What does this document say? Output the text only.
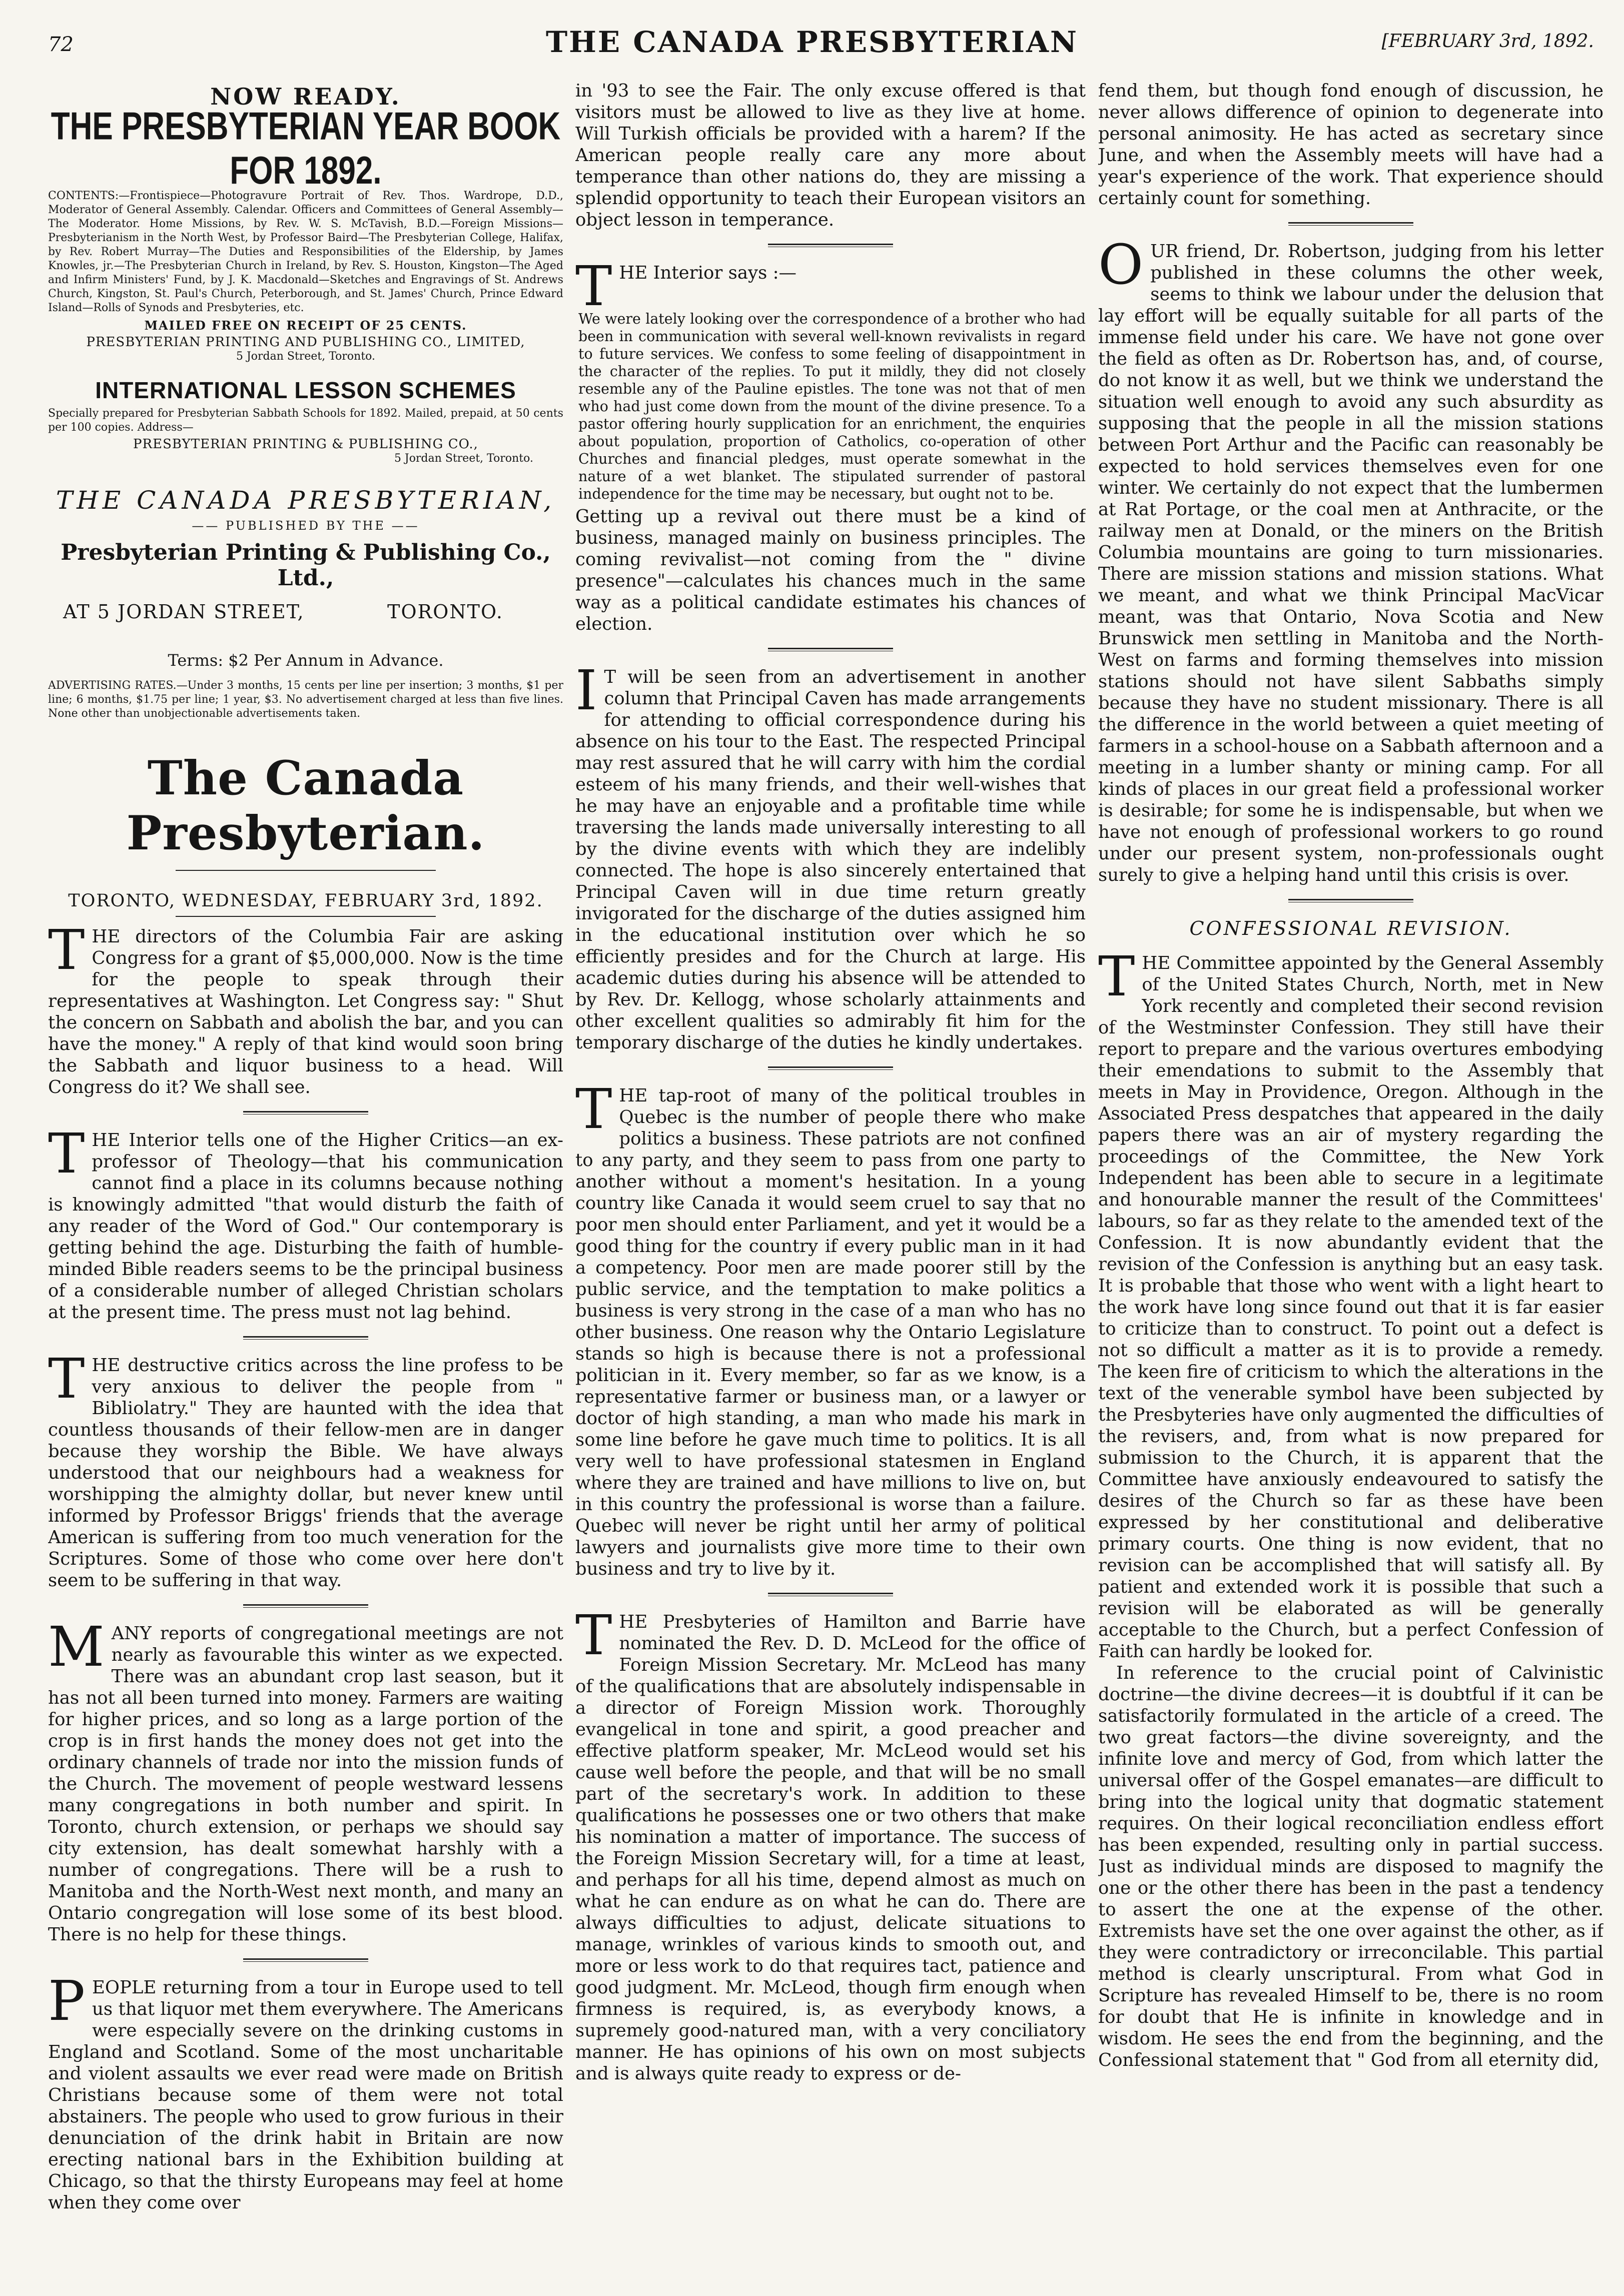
72	THE CANADA PRESBYTERIAN	[FEBRUARY 3rd, 1892.
NOW READY.
THE PRESBYTERIAN YEAR BOOK FOR 1892.

CONTENTS:—Frontispiece—Photogravure Portrait of Rev. Thos. Wardrope, D.D., Moderator of General Assembly. Calendar. Officers and Committees of General Assembly—The Moderator. Home Missions, by Rev. W. S. McTavish, B.D.—Foreign Missions—Presbyterianism in the North West, by Professor Baird—The Presbyterian College, Halifax, by Rev. Robert Murray—The Duties and Responsibilities of the Eldership, by James Knowles, jr.—The Presbyterian Church in Ireland, by Rev. S. Houston, Kingston—The Aged and Infirm Ministers' Fund, by J. K. Macdonald—Sketches and Engravings of St. Andrews Church, Kingston, St. Paul's Church, Peterborough, and St. James' Church, Prince Edward Island—Rolls of Synods and Presbyteries, etc.

MAILED FREE ON RECEIPT OF 25 CENTS.
PRESBYTERIAN PRINTING AND PUBLISHING CO., LIMITED,
5 Jordan Street, Toronto.
INTERNATIONAL LESSON SCHEMES

Specially prepared for Presbyterian Sabbath Schools for 1892. Mailed, prepaid, at 50 cents per 100 copies. Address—

PRESBYTERIAN PRINTING & PUBLISHING CO.,
5 Jordan Street, Toronto.
THE CANADA PRESBYTERIAN,
—— PUBLISHED BY THE ——
Presbyterian Printing & Publishing Co., Ltd.,
AT 5 JORDAN STREET,	TORONTO.
Terms: $2 Per Annum in Advance.

ADVERTISING RATES.—Under 3 months, 15 cents per line per insertion; 3 months, $1 per line; 6 months, $1.75 per line; 1 year, $3. No advertisement charged at less than five lines. None other than unobjectionable advertisements taken.

The Canada Presbyterian.
TORONTO, WEDNESDAY, FEBRUARY 3rd, 1892.

THE directors of the Columbia Fair are asking Congress for a grant of $5,000,000. Now is the time for the people to speak through their representatives at Washington. Let Congress say: " Shut the concern on Sabbath and abolish the bar, and you can have the money." A reply of that kind would soon bring the Sabbath and liquor business to a head. Will Congress do it? We shall see.

THE Interior tells one of the Higher Critics—an ex-professor of Theology—that his communication cannot find a place in its columns because nothing is knowingly admitted "that would disturb the faith of any reader of the Word of God." Our contemporary is getting behind the age. Disturbing the faith of humble-minded Bible readers seems to be the principal business of a considerable number of alleged Christian scholars at the present time. The press must not lag behind.

THE destructive critics across the line profess to be very anxious to deliver the people from " Bibliolatry." They are haunted with the idea that countless thousands of their fellow-men are in danger because they worship the Bible. We have always understood that our neighbours had a weakness for worshipping the almighty dollar, but never knew until informed by Professor Briggs' friends that the average American is suffering from too much veneration for the Scriptures. Some of those who come over here don't seem to be suffering in that way.

MANY reports of congregational meetings are not nearly as favourable this winter as we expected. There was an abundant crop last season, but it has not all been turned into money. Farmers are waiting for higher prices, and so long as a large portion of the crop is in first hands the money does not get into the ordinary channels of trade nor into the mission funds of the Church. The movement of people westward lessens many congregations in both number and spirit. In Toronto, church extension, or perhaps we should say city extension, has dealt somewhat harshly with a number of congregations. There will be a rush to Manitoba and the North-West next month, and many an Ontario congregation will lose some of its best blood. There is no help for these things.

PEOPLE returning from a tour in Europe used to tell us that liquor met them everywhere. The Americans were especially severe on the drinking customs in England and Scotland. Some of the most uncharitable and violent assaults we ever read were made on British Christians because some of them were not total abstainers. The people who used to grow furious in their denunciation of the drink habit in Britain are now erecting national bars in the Exhibition building at Chicago, so that the thirsty Europeans may feel at home when they come over

in '93 to see the Fair. The only excuse offered is that visitors must be allowed to live as they live at home. Will Turkish officials be provided with a harem? If the American people really care any more about temperance than other nations do, they are missing a splendid opportunity to teach their European visitors an object lesson in temperance.

THE Interior says :—

We were lately looking over the correspondence of a brother who had been in communication with several well-known revivalists in regard to future services. We confess to some feeling of disappointment in the character of the replies. To put it mildly, they did not closely resemble any of the Pauline epistles. The tone was not that of men who had just come down from the mount of the divine presence. To a pastor offering hourly supplication for an enrichment, the enquiries about population, proportion of Catholics, co-operation of other Churches and financial pledges, must operate somewhat in the nature of a wet blanket. The stipulated surrender of pastoral independence for the time may be necessary, but ought not to be.

Getting up a revival out there must be a kind of business, managed mainly on business principles. The coming revivalist—not coming from the " divine presence"—calculates his chances much in the same way as a political candidate estimates his chances of election.

I T will be seen from an advertisement in another column that Principal Caven has made arrangements for attending to official correspondence during his absence on his tour to the East. The respected Principal may rest assured that he will carry with him the cordial esteem of his many friends, and their well-wishes that he may have an enjoyable and a profitable time while traversing the lands made universally interesting to all by the divine events with which they are indelibly connected. The hope is also sincerely entertained that Principal Caven will in due time return greatly invigorated for the discharge of the duties assigned him in the educational institution over which he so efficiently presides and for the Church at large. His academic duties during his absence will be attended to by Rev. Dr. Kellogg, whose scholarly attainments and other excellent qualities so admirably fit him for the temporary discharge of the duties he kindly undertakes.

THE tap-root of many of the political troubles in Quebec is the number of people there who make politics a business. These patriots are not confined to any party, and they seem to pass from one party to another without a moment's hesitation. In a young country like Canada it would seem cruel to say that no poor men should enter Parliament, and yet it would be a good thing for the country if every public man in it had a competency. Poor men are made poorer still by the public service, and the temptation to make politics a business is very strong in the case of a man who has no other business. One reason why the Ontario Legislature stands so high is because there is not a professional politician in it. Every member, so far as we know, is a representative farmer or business man, or a lawyer or doctor of high standing, a man who made his mark in some line before he gave much time to politics. It is all very well to have professional statesmen in England where they are trained and have millions to live on, but in this country the professional is worse than a failure. Quebec will never be right until her army of political lawyers and journalists give more time to their own business and try to live by it.

THE Presbyteries of Hamilton and Barrie have nominated the Rev. D. D. McLeod for the office of Foreign Mission Secretary. Mr. McLeod has many of the qualifications that are absolutely indispensable in a director of Foreign Mission work. Thoroughly evangelical in tone and spirit, a good preacher and effective platform speaker, Mr. McLeod would set his cause well before the people, and that will be no small part of the secretary's work. In addition to these qualifications he possesses one or two others that make his nomination a matter of importance. The success of the Foreign Mission Secretary will, for a time at least, and perhaps for all his time, depend almost as much on what he can endure as on what he can do. There are always difficulties to adjust, delicate situations to manage, wrinkles of various kinds to smooth out, and more or less work to do that requires tact, patience and good judgment. Mr. McLeod, though firm enough when firmness is required, is, as everybody knows, a supremely good-natured man, with a very conciliatory manner. He has opinions of his own on most subjects and is always quite ready to express or de-

fend them, but though fond enough of discussion, he never allows difference of opinion to degenerate into personal animosity. He has acted as secretary since June, and when the Assembly meets will have had a year's experience of the work. That experience should certainly count for something.

OUR friend, Dr. Robertson, judging from his letter published in these columns the other week, seems to think we labour under the delusion that lay effort will be equally suitable for all parts of the immense field under his care. We have not gone over the field as often as Dr. Robertson has, and, of course, do not know it as well, but we think we understand the situation well enough to avoid any such absurdity as supposing that the people in all the mission stations between Port Arthur and the Pacific can reasonably be expected to hold services themselves even for one winter. We certainly do not expect that the lumbermen at Rat Portage, or the coal men at Anthracite, or the railway men at Donald, or the miners on the British Columbia mountains are going to turn missionaries. There are mission stations and mission stations. What we meant, and what we think Principal MacVicar meant, was that Ontario, Nova Scotia and New Brunswick men settling in Manitoba and the North-West on farms and forming themselves into mission stations should not have silent Sabbaths simply because they have no student missionary. There is all the difference in the world between a quiet meeting of farmers in a school-house on a Sabbath afternoon and a meeting in a lumber shanty or mining camp. For all kinds of places in our great field a professional worker is desirable; for some he is indispensable, but when we have not enough of professional workers to go round under our present system, non-professionals ought surely to give a helping hand until this crisis is over.

CONFESSIONAL REVISION.

THE Committee appointed by the General Assembly of the United States Church, North, met in New York recently and completed their second revision of the Westminster Confession. They still have their report to prepare and the various overtures embodying their emendations to submit to the Assembly that meets in May in Providence, Oregon. Although in the Associated Press despatches that appeared in the daily papers there was an air of mystery regarding the proceedings of the Committee, the New York Independent has been able to secure in a legitimate and honourable manner the result of the Committees' labours, so far as they relate to the amended text of the Confession. It is now abundantly evident that the revision of the Confession is anything but an easy task. It is probable that those who went with a light heart to the work have long since found out that it is far easier to criticize than to construct. To point out a defect is not so difficult a matter as it is to provide a remedy. The keen fire of criticism to which the alterations in the text of the venerable symbol have been subjected by the Presbyteries have only augmented the difficulties of the revisers, and, from what is now prepared for submission to the Church, it is apparent that the Committee have anxiously endeavoured to satisfy the desires of the Church so far as these have been expressed by her constitutional and deliberative primary courts. One thing is now evident, that no revision can be accomplished that will satisfy all. By patient and extended work it is possible that such a revision will be elaborated as will be generally acceptable to the Church, but a perfect Confession of Faith can hardly be looked for.

In reference to the crucial point of Calvinistic doctrine—the divine decrees—it is doubtful if it can be satisfactorily formulated in the article of a creed. The two great factors—the divine sovereignty, and the infinite love and mercy of God, from which latter the universal offer of the Gospel emanates—are difficult to bring into the logical unity that dogmatic statement requires. On their logical reconciliation endless effort has been expended, resulting only in partial success. Just as individual minds are disposed to magnify the one or the other there has been in the past a tendency to assert the one at the expense of the other. Extremists have set the one over against the other, as if they were contradictory or irreconcilable. This partial method is clearly unscriptural. From what God in Scripture has revealed Himself to be, there is no room for doubt that He is infinite in knowledge and in wisdom. He sees the end from the beginning, and the Confessional statement that " God from all eternity did,
